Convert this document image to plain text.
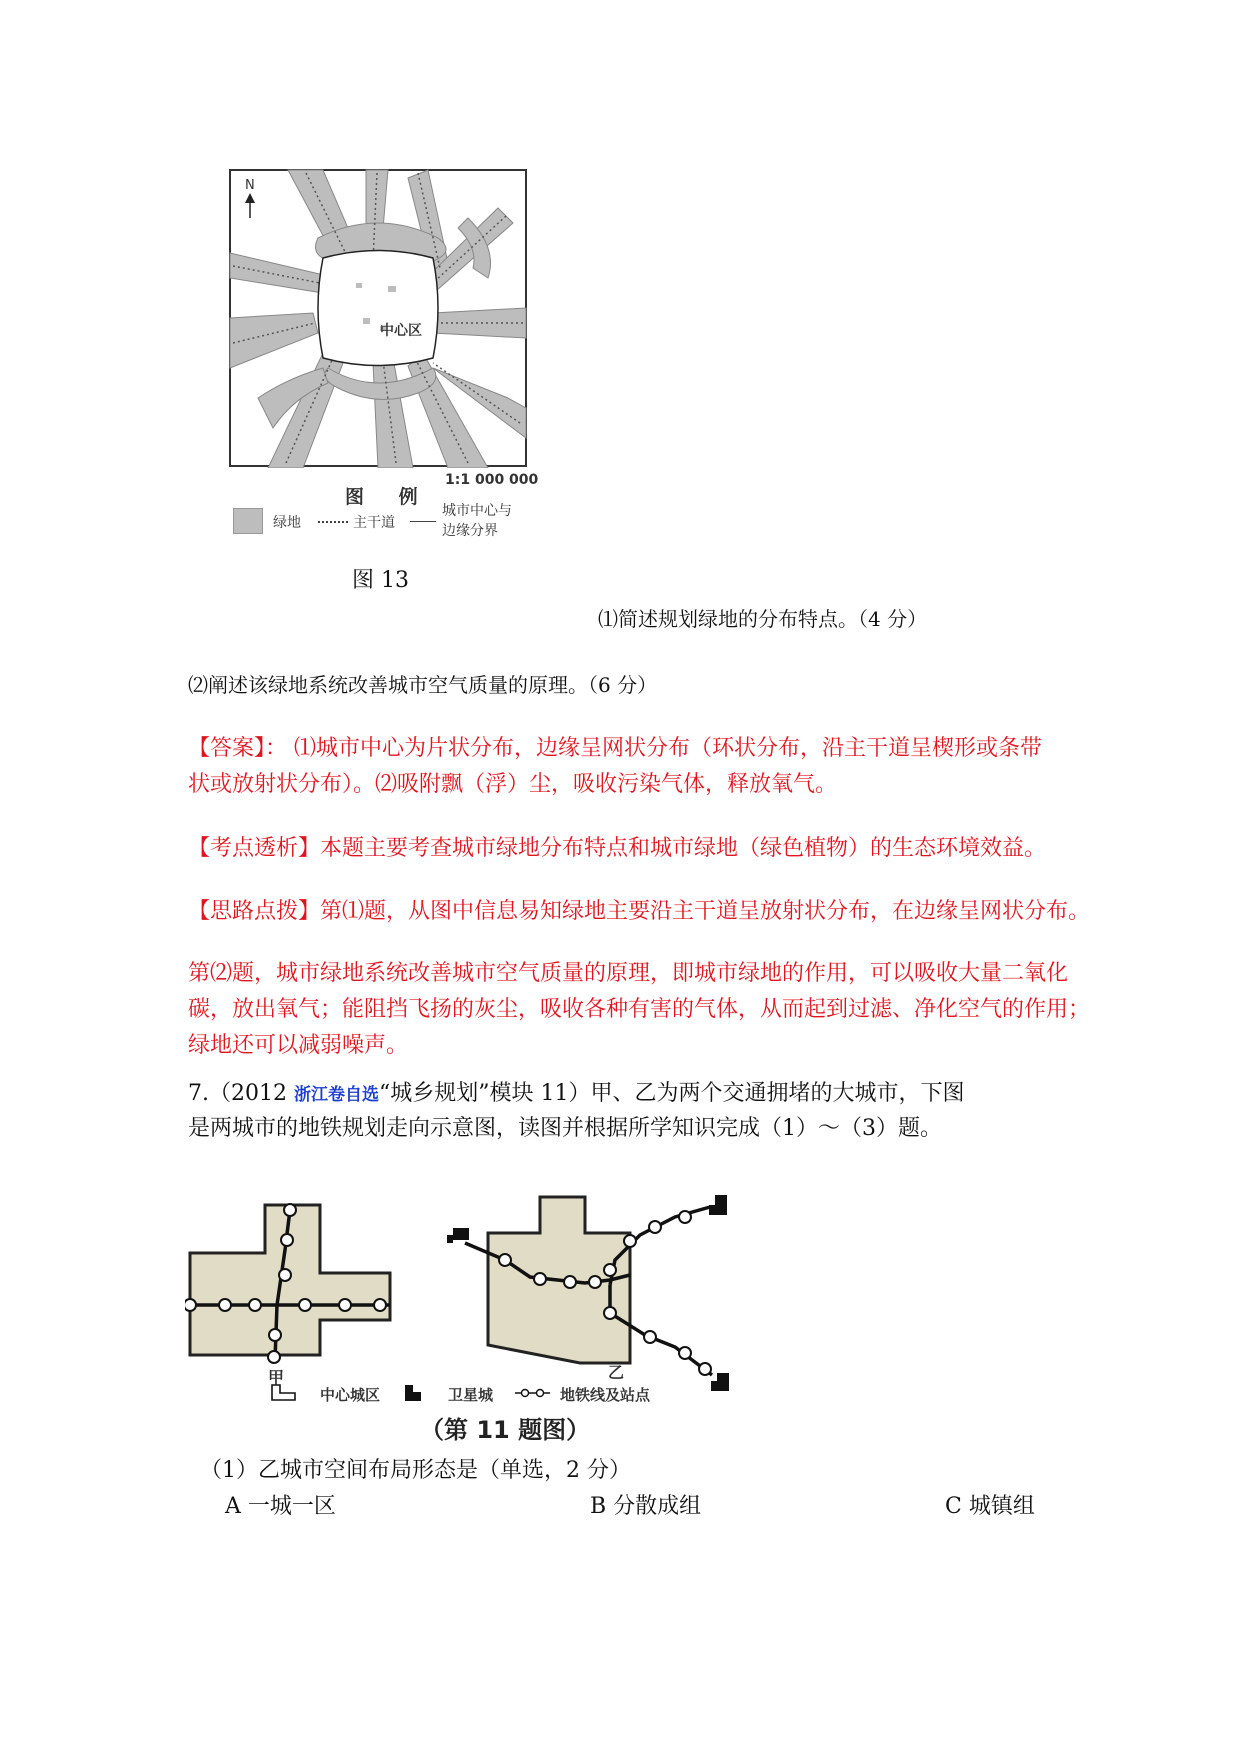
N
中心区
1:1 000 000
图 例
绿地	主干道
城市中心与
边缘分界
图 13
⑴简述规划绿地的分布特点。（4 分）
⑵阐述该绿地系统改善城市空气质量的原理。（6 分）
【答案】： ⑴城市中心为片状分布，边缘呈网状分布（环状分布，沿主干道呈楔形或条带
状或放射状分布）。⑵吸附飘（浮）尘，吸收污染气体，释放氧气。
【考点透析】本题主要考查城市绿地分布特点和城市绿地（绿色植物）的生态环境效益。
【思路点拨】第⑴题，从图中信息易知绿地主要沿主干道呈放射状分布，在边缘呈网状分布。
第⑵题，城市绿地系统改善城市空气质量的原理，即城市绿地的作用，可以吸收大量二氧化
碳，放出氧气；能阻挡飞扬的灰尘，吸收各种有害的气体，从而起到过滤、净化空气的作用；
绿地还可以减弱噪声。
7.（2012 浙江卷自选“城乡规划”模块 11）甲、乙为两个交通拥堵的大城市，下图
是两城市的地铁规划走向示意图，读图并根据所学知识完成（1）～（3）题。
甲	乙
中心城区	卫星城	地铁线及站点
（第 11 题图）
（1）乙城市空间布局形态是（单选，2 分）
A 一城一区	B 分散成组	C 城镇组
